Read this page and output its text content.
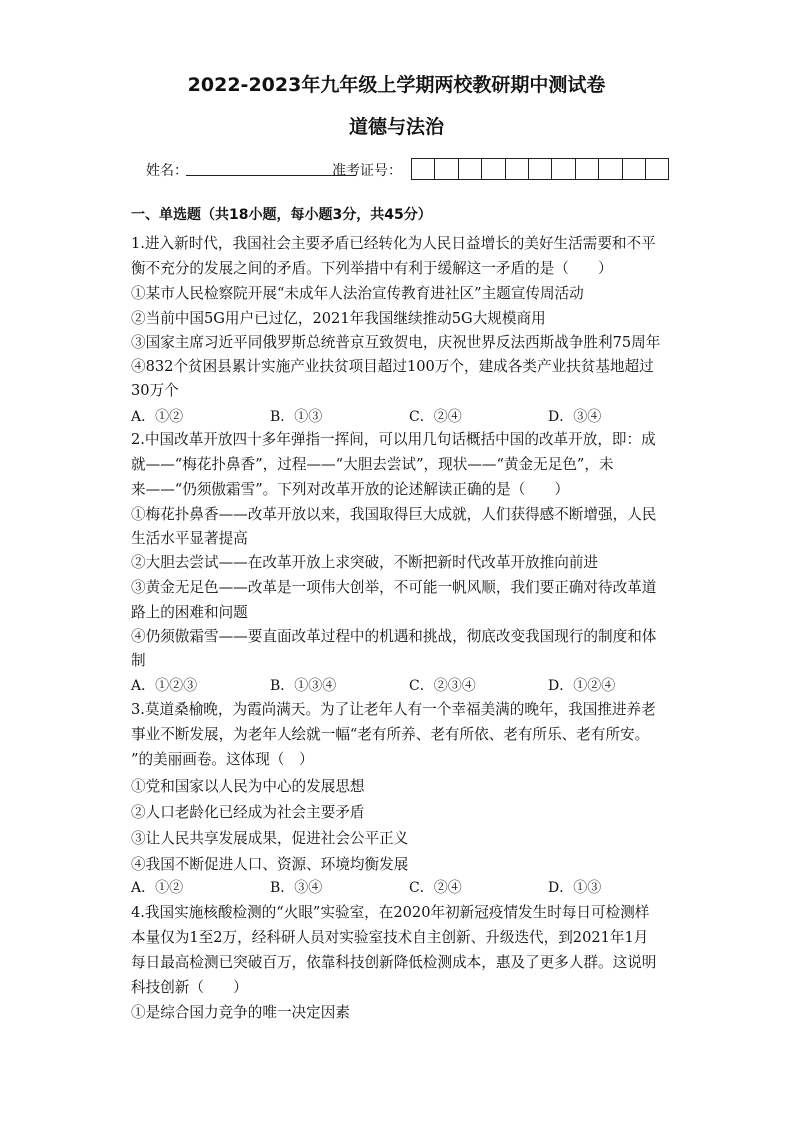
2022-2023年九年级上学期两校教研期中测试卷
道德与法治
姓名：	准考证号：
一、单选题（共18小题，每小题3分，共45分）
1.进入新时代，我国社会主要矛盾已经转化为人民日益增长的美好生活需要和不平
衡不充分的发展之间的矛盾。下列举措中有利于缓解这一矛盾的是（　　）
①某市人民检察院开展“未成年人法治宣传教育进社区”主题宣传周活动
②当前中国5G用户已过亿，2021年我国继续推动5G大规模商用
③国家主席习近平同俄罗斯总统普京互致贺电，庆祝世界反法西斯战争胜利75周年
④832个贫困县累计实施产业扶贫项目超过100万个，建成各类产业扶贫基地超过
30万个
A．①②	B．①③	C．②④	D．③④
2.中国改革开放四十多年弹指一挥间，可以用几句话概括中国的改革开放，即：成
就——“梅花扑鼻香”，过程——“大胆去尝试”，现状——“黄金无足色”，未
来——“仍须傲霜雪”。下列对改革开放的论述解读正确的是（　　）
①梅花扑鼻香——改革开放以来，我国取得巨大成就，人们获得感不断增强，人民
生活水平显著提高
②大胆去尝试——在改革开放上求突破，不断把新时代改革开放推向前进
③黄金无足色——改革是一项伟大创举，不可能一帆风顺，我们要正确对待改革道
路上的困难和问题
④仍须傲霜雪——要直面改革过程中的机遇和挑战，彻底改变我国现行的制度和体
制
A．①②③	B．①③④	C．②③④	D．①②④
3.莫道桑榆晚，为霞尚满天。为了让老年人有一个幸福美满的晚年，我国推进养老
事业不断发展，为老年人绘就一幅“老有所养、老有所依、老有所乐、老有所安。
”的美丽画卷。这体现（　）
①党和国家以人民为中心的发展思想
②人口老龄化已经成为社会主要矛盾
③让人民共享发展成果，促进社会公平正义
④我国不断促进人口、资源、环境均衡发展
A．①②	B．③④	C．②④	D．①③
4.我国实施核酸检测的“火眼”实验室，在2020年初新冠疫情发生时每日可检测样
本量仅为1至2万，经科研人员对实验室技术自主创新、升级迭代，到2021年1月
每日最高检测已突破百万，依靠科技创新降低检测成本，惠及了更多人群。这说明
科技创新（　　）
①是综合国力竞争的唯一决定因素
